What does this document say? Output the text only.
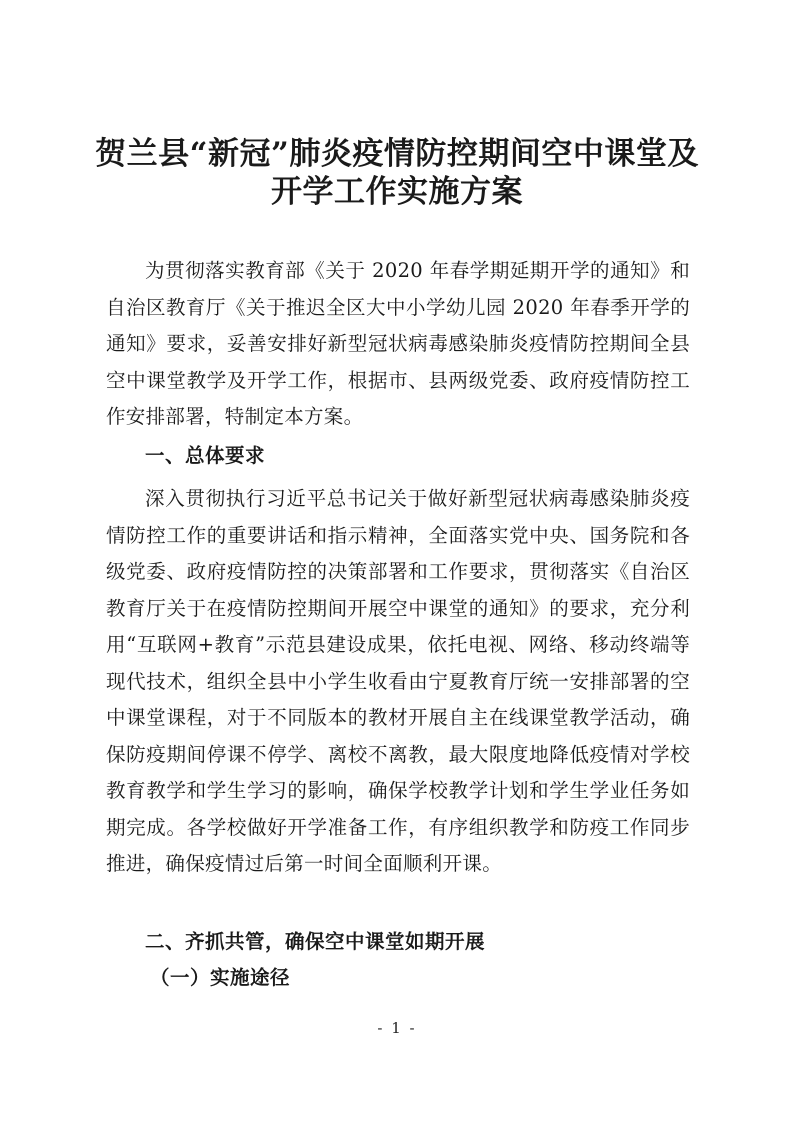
贺兰县“新冠”肺炎疫情防控期间空中课堂及
开学工作实施方案

为贯彻落实教育部《关于 2020 年春学期延期开学的通知》和自治区教育厅《关于推迟全区大中小学幼儿园 2020 年春季开学的通知》要求，妥善安排好新型冠状病毒感染肺炎疫情防控期间全县空中课堂教学及开学工作，根据市、县两级党委、政府疫情防控工作安排部署，特制定本方案。

一、总体要求

深入贯彻执行习近平总书记关于做好新型冠状病毒感染肺炎疫情防控工作的重要讲话和指示精神，全面落实党中央、国务院和各级党委、政府疫情防控的决策部署和工作要求，贯彻落实《自治区教育厅关于在疫情防控期间开展空中课堂的通知》的要求，充分利用“互联网+教育”示范县建设成果，依托电视、网络、移动终端等现代技术，组织全县中小学生收看由宁夏教育厅统一安排部署的空中课堂课程，对于不同版本的教材开展自主在线课堂教学活动，确保防疫期间停课不停学、离校不离教，最大限度地降低疫情对学校教育教学和学生学习的影响，确保学校教学计划和学生学业任务如期完成。各学校做好开学准备工作，有序组织教学和防疫工作同步推进，确保疫情过后第一时间全面顺利开课。

二、齐抓共管，确保空中课堂如期开展
（一）实施途径
- 1 -
